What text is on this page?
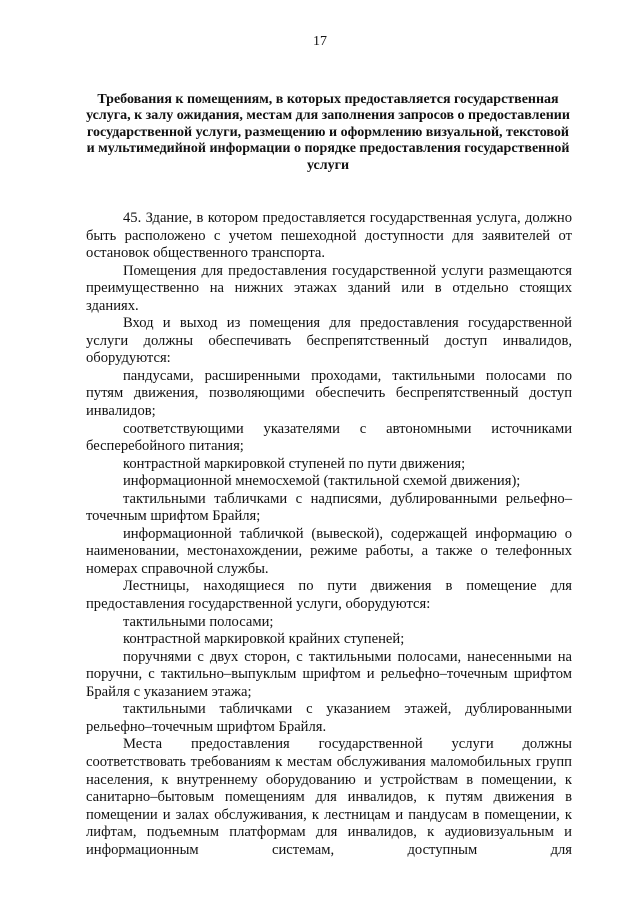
17
Требования к помещениям, в которых предоставляется государственная услуга, к залу ожидания, местам для заполнения запросов о предоставлении государственной услуги, размещению и оформлению визуальной, текстовой и мультимедийной информации о порядке предоставления государственной услуги

45. Здание, в котором предоставляется государственная услуга, должно быть расположено с учетом пешеходной доступности для заявителей от остановок общественного транспорта.

Помещения для предоставления государственной услуги размещаются преимущественно на нижних этажах зданий или в отдельно стоящих зданиях.

Вход и выход из помещения для предоставления государственной услуги должны обеспечивать беспрепятственный доступ инвалидов, оборудуются:

пандусами, расширенными проходами, тактильными полосами по путям движения, позволяющими обеспечить беспрепятственный доступ инвалидов;

соответствующими указателями с автономными источниками бесперебойного питания;

контрастной маркировкой ступеней по пути движения;

информационной мнемосхемой (тактильной схемой движения);

тактильными табличками с надписями, дублированными рельефно–точечным шрифтом Брайля;

информационной табличкой (вывеской), содержащей информацию о наименовании, местонахождении, режиме работы, а также о телефонных номерах справочной службы.

Лестницы, находящиеся по пути движения в помещение для предоставления государственной услуги, оборудуются:

тактильными полосами;

контрастной маркировкой крайних ступеней;

поручнями с двух сторон, с тактильными полосами, нанесенными на поручни, с тактильно–выпуклым шрифтом и рельефно–точечным шрифтом Брайля с указанием этажа;

тактильными табличками с указанием этажей, дублированными рельефно–точечным шрифтом Брайля.

Места предоставления государственной услуги должны соответствовать требованиям к местам обслуживания маломобильных групп населения, к внутреннему оборудованию и устройствам в помещении, к санитарно–бытовым помещениям для инвалидов, к путям движения в помещении и залах обслуживания, к лестницам и пандусам в помещении, к лифтам, подъемным платформам для инвалидов, к аудиовизуальным и информационным системам, доступным для
